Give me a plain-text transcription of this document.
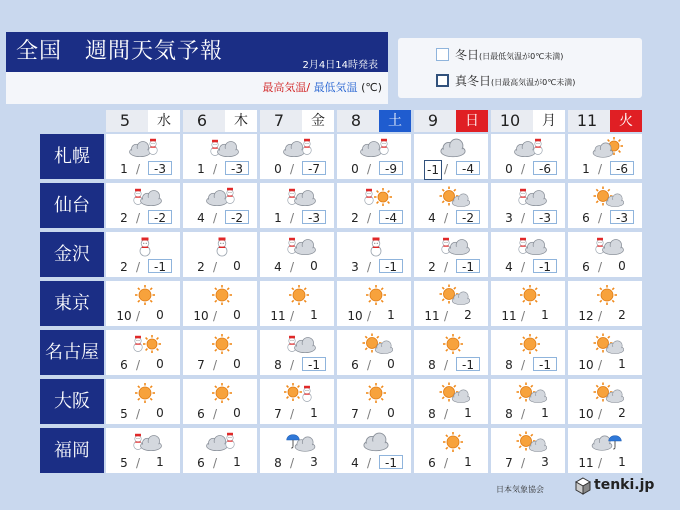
全国　週間天気予報
2月4日14時発表
最高気温/ 最低気温 (℃)
冬日(日最低気温が0℃未満)
真冬日(日最高気温が0℃未満)
5	水	6	木	7	金	8	土	9	日	10	月	11	火
札幌
1 /	-3	1 /	-3	0 /	-7	0 /	-9	-1 /	-4	0 /	-6	1 /	-6
仙台
2 /	-2	4 /	-2	1 /	-3	2 /	-4	4 /	-2	3 /	-3	6 /	-3
金沢
2 /	-1	2 /	0	4 /	0	3 /	-1	2 /	-1	4 /	-1	6 /	0
東京
10 /	0	10 /	0	11 /	1	10 /	1	11 /	2	11 /	1	12 /	2
名古屋
6 /	0	7 /	0	8 /	-1	6 /	0	8 /	-1	8 /	-1	10 /	1
大阪
5 /	0	6 /	0	7 /	1	7 /	0	8 /	1	8 /	1	10 /	2
福岡
5 /	1	6 /	1	8 /	3	4 /	-1	6 /	1	7 /	3	11 /	1
日本気象協会	tenki.jp
